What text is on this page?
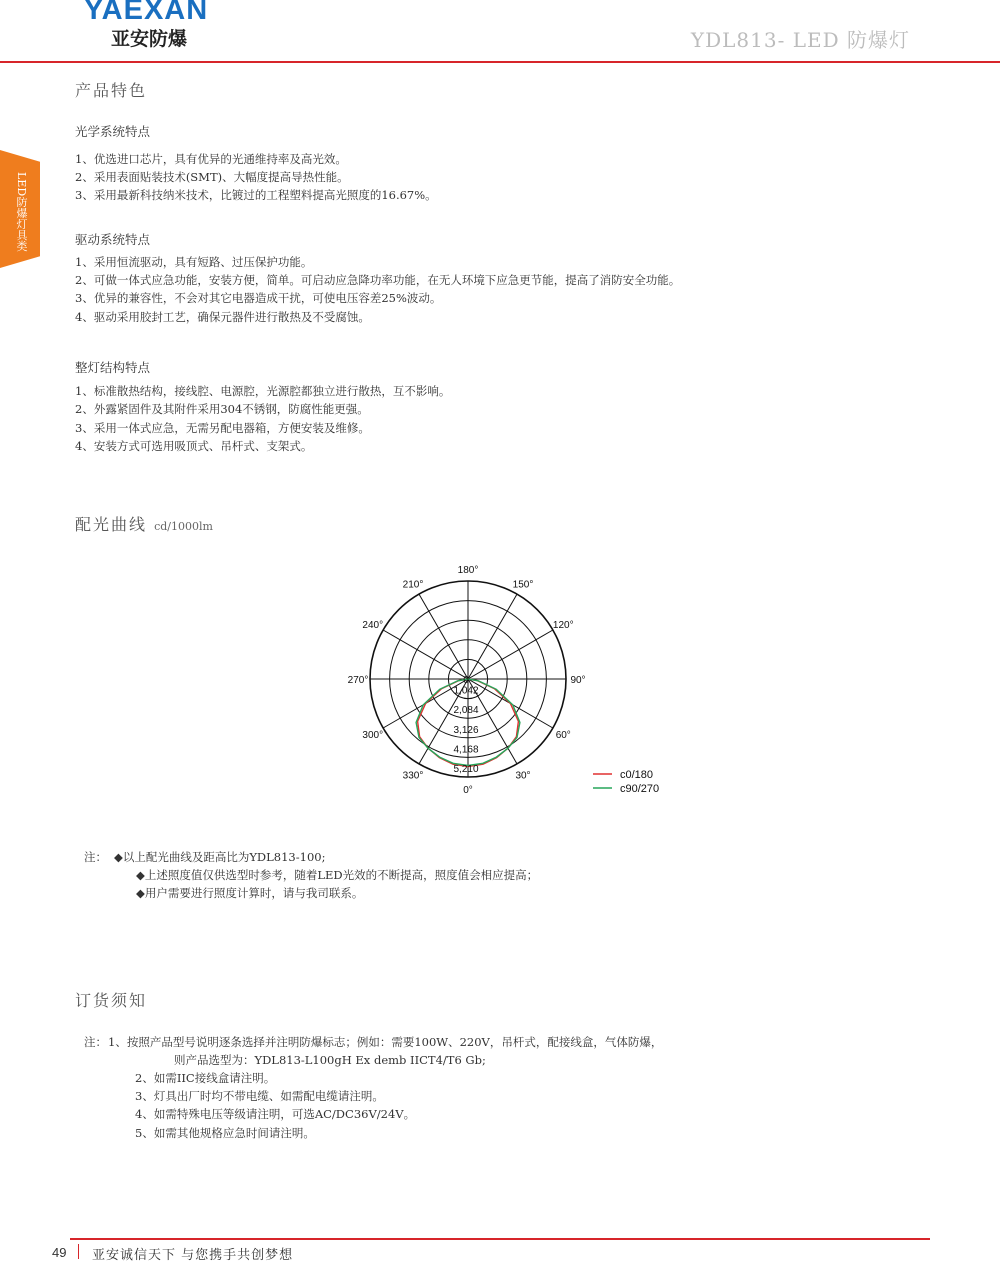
YAEXAN
亚安防爆	YDL813- LED 防爆灯
LED防爆灯具类
产品特色
光学系统特点
1、优选进口芯片，具有优异的光通维持率及高光效。
2、采用表面贴装技术(SMT)、大幅度提高导热性能。
3、采用最新科技纳米技术，比镀过的工程塑料提高光照度的16.67%。
驱动系统特点
1、采用恒流驱动，具有短路、过压保护功能。
2、可做一体式应急功能，安装方便，简单。可启动应急降功率功能，在无人环境下应急更节能，提高了消防安全功能。
3、优异的兼容性，不会对其它电器造成干扰，可使电压容差25%波动。
4、驱动采用胶封工艺，确保元器件进行散热及不受腐蚀。
整灯结构特点
1、标准散热结构，接线腔、电源腔，光源腔都独立进行散热，互不影响。
2、外露紧固件及其附件采用304不锈钢，防腐性能更强。
3、采用一体式应急，无需另配电器箱，方便安装及维修。
4、安装方式可选用吸顶式、吊杆式、支架式。
配光曲线 cd/1000lm
180°
150°
120°
90°
60°
30°
0°
330°
300°
270°
240°
210°
0
1,042
2,084
3,126
4,168
5,210	c0/180
c90/270
注： ◆以上配光曲线及距高比为YDL813-100;
◆上述照度值仅供选型时参考，随着LED光效的不断提高，照度值会相应提高；
◆用户需要进行照度计算时，请与我司联系。
订货须知
注： 1、按照产品型号说明逐条选择并注明防爆标志；例如：需要100W、220V，吊杆式，配接线盒，气体防爆，
则产品选型为：YDL813-L100gH Ex demb IICT4/T6 Gb;
2、如需IIC接线盒请注明。
3、灯具出厂时均不带电缆、如需配电缆请注明。
4、如需特殊电压等级请注明，可选AC/DC36V/24V。
5、如需其他规格应急时间请注明。
49 亚安诚信天下 与您携手共创梦想
